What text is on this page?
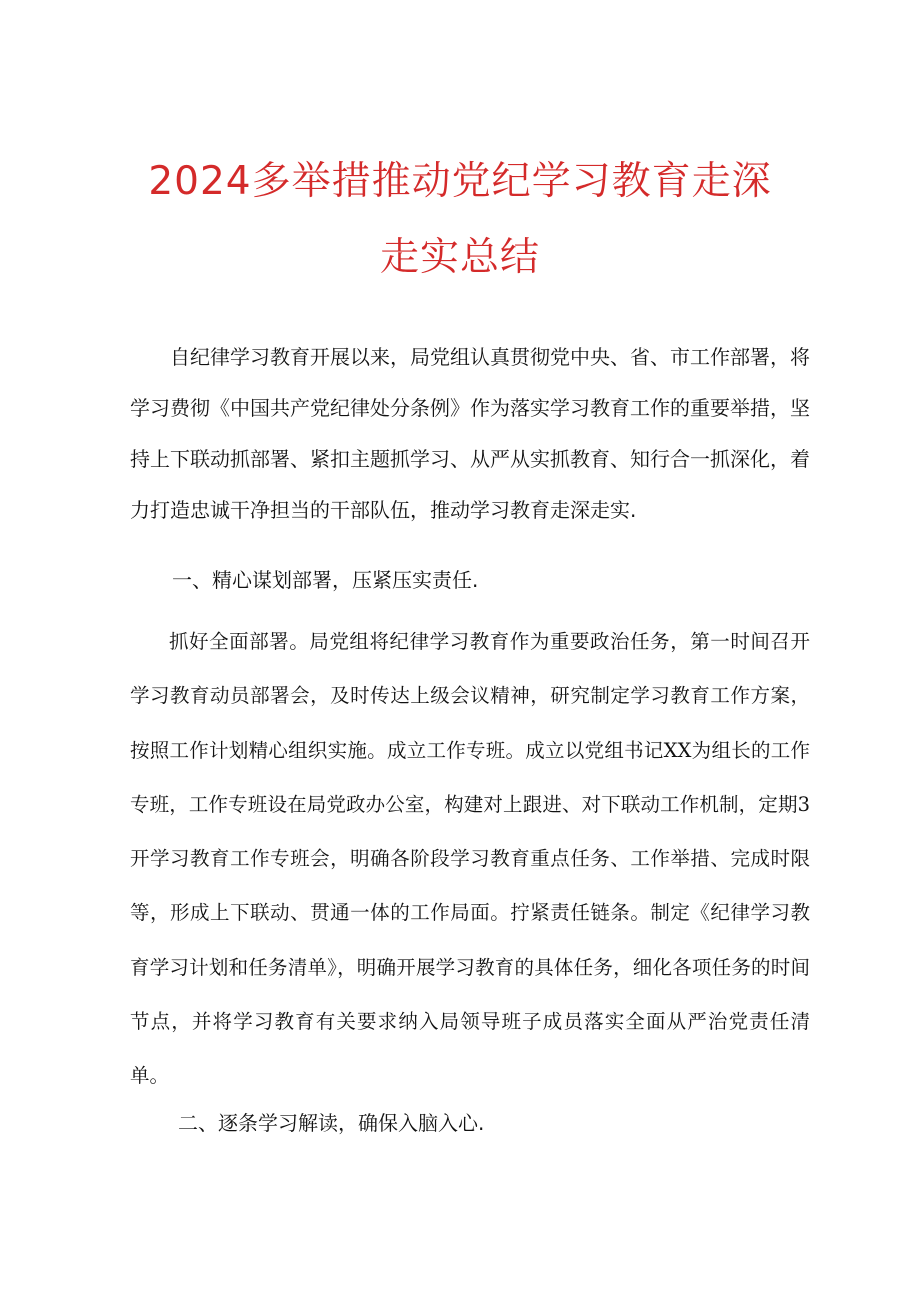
2024多举措推动党纪学习教育走深
走实总结

自纪律学习教育开展以来，局党组认真贯彻党中央、省、市工作部署，将学习费彻《中国共产党纪律处分条例》作为落实学习教育工作的重要举措，坚持上下联动抓部署、紧扣主题抓学习、从严从实抓教育、知行合一抓深化，着力打造忠诚干净担当的干部队伍，推动学习教育走深走实.

一、精心谋划部署，压紧压实责任.

抓好全面部署。局党组将纪律学习教育作为重要政治任务，第一时间召开学习教育动员部署会，及时传达上级会议精神，研究制定学习教育工作方案，按照工作计划精心组织实施。成立工作专班。成立以党组书记XX为组长的工作专班，工作专班设在局党政办公室，构建对上跟进、对下联动工作机制，定期3开学习教育工作专班会，明确各阶段学习教育重点任务、工作举措、完成时限等，形成上下联动、贯通一体的工作局面。拧紧责任链条。制定《纪律学习教育学习计划和任务清单》，明确开展学习教育的具体任务，细化各项任务的时间节点，并将学习教育有关要求纳入局领导班子成员落实全面从严治党责任清单。

二、逐条学习解读，确保入脑入心.
